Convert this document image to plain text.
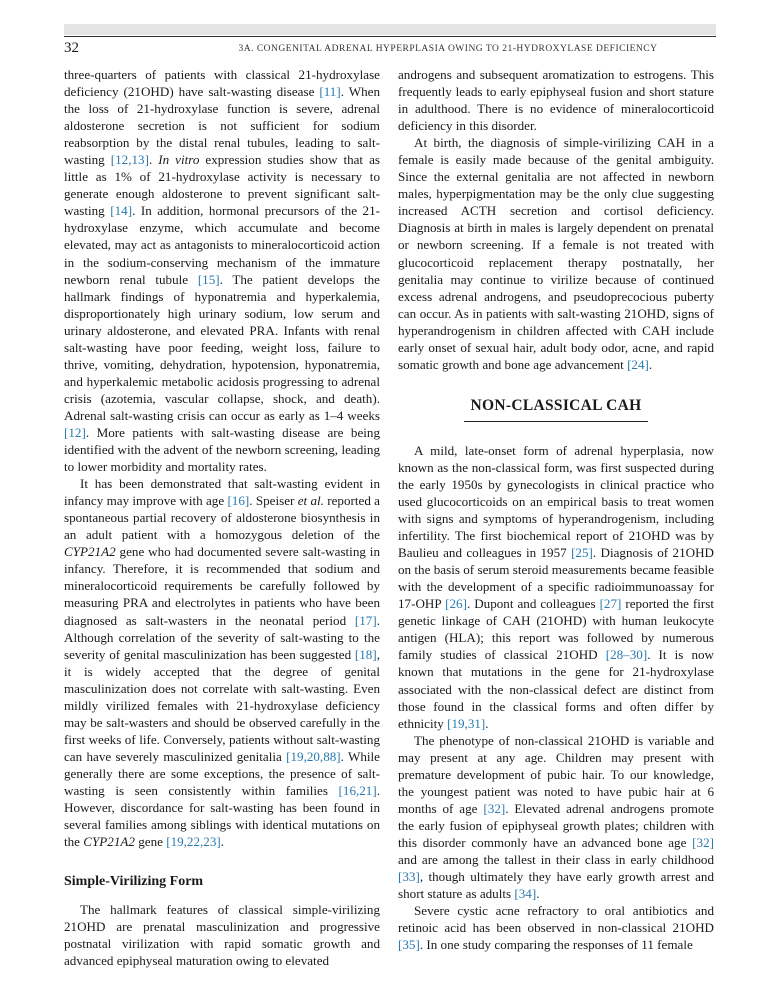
32	3A. CONGENITAL ADRENAL HYPERPLASIA OWING TO 21-HYDROXYLASE DEFICIENCY

three-quarters of patients with classical 21-hydroxylase deficiency (21OHD) have salt-wasting disease [11]. When the loss of 21-hydroxylase function is severe, adrenal aldosterone secretion is not sufficient for sodium reabsorption by the distal renal tubules, leading to salt-wasting [12,13]. In vitro expression studies show that as little as 1% of 21-hydroxylase activity is necessary to generate enough aldosterone to prevent significant salt-wasting [14]. In addition, hormonal precursors of the 21-hydroxylase enzyme, which accumulate and become elevated, may act as antagonists to mineralocorticoid action in the sodium-conserving mechanism of the immature newborn renal tubule [15]. The patient develops the hallmark findings of hyponatremia and hyperkalemia, disproportionately high urinary sodium, low serum and urinary aldosterone, and elevated PRA. Infants with renal salt-wasting have poor feeding, weight loss, failure to thrive, vomiting, dehydration, hypotension, hyponatremia, and hyperkalemic metabolic acidosis progressing to adrenal crisis (azotemia, vascular collapse, shock, and death). Adrenal salt-wasting crisis can occur as early as 1–4 weeks [12]. More patients with salt-wasting disease are being identified with the advent of the newborn screening, leading to lower morbidity and mortality rates.

It has been demonstrated that salt-wasting evident in infancy may improve with age [16]. Speiser et al. reported a spontaneous partial recovery of aldosterone biosynthesis in an adult patient with a homozygous deletion of the CYP21A2 gene who had documented severe salt-wasting in infancy. Therefore, it is recommended that sodium and mineralocorticoid requirements be carefully followed by measuring PRA and electrolytes in patients who have been diagnosed as salt-wasters in the neonatal period [17]. Although correlation of the severity of salt-wasting to the severity of genital masculinization has been suggested [18], it is widely accepted that the degree of genital masculinization does not correlate with salt-wasting. Even mildly virilized females with 21-hydroxylase deficiency may be salt-wasters and should be observed carefully in the first weeks of life. Conversely, patients without salt-wasting can have severely masculinized genitalia [19,20,88]. While generally there are some exceptions, the presence of salt-wasting is seen consistently within families [16,21]. However, discordance for salt-wasting has been found in several families among siblings with identical mutations on the CYP21A2 gene [19,22,23].

Simple-Virilizing Form

The hallmark features of classical simple-virilizing 21OHD are prenatal masculinization and progressive postnatal virilization with rapid somatic growth and advanced epiphyseal maturation owing to elevated

androgens and subsequent aromatization to estrogens. This frequently leads to early epiphyseal fusion and short stature in adulthood. There is no evidence of mineralocorticoid deficiency in this disorder.

At birth, the diagnosis of simple-virilizing CAH in a female is easily made because of the genital ambiguity. Since the external genitalia are not affected in newborn males, hyperpigmentation may be the only clue suggesting increased ACTH secretion and cortisol deficiency. Diagnosis at birth in males is largely dependent on prenatal or newborn screening. If a female is not treated with glucocorticoid replacement therapy postnatally, her genitalia may continue to virilize because of continued excess adrenal androgens, and pseudoprecocious puberty can occur. As in patients with salt-wasting 21OHD, signs of hyperandrogenism in children affected with CAH include early onset of sexual hair, adult body odor, acne, and rapid somatic growth and bone age advancement [24].

NON-CLASSICAL CAH

A mild, late-onset form of adrenal hyperplasia, now known as the non-classical form, was first suspected during the early 1950s by gynecologists in clinical practice who used glucocorticoids on an empirical basis to treat women with signs and symptoms of hyperandrogenism, including infertility. The first biochemical report of 21OHD was by Baulieu and colleagues in 1957 [25]. Diagnosis of 21OHD on the basis of serum steroid measurements became feasible with the development of a specific radioimmunoassay for 17-OHP [26]. Dupont and colleagues [27] reported the first genetic linkage of CAH (21OHD) with human leukocyte antigen (HLA); this report was followed by numerous family studies of classical 21OHD [28–30]. It is now known that mutations in the gene for 21-hydroxylase associated with the non-classical defect are distinct from those found in the classical forms and often differ by ethnicity [19,31].

The phenotype of non-classical 21OHD is variable and may present at any age. Children may present with premature development of pubic hair. To our knowledge, the youngest patient was noted to have pubic hair at 6 months of age [32]. Elevated adrenal androgens promote the early fusion of epiphyseal growth plates; children with this disorder commonly have an advanced bone age [32] and are among the tallest in their class in early childhood [33], though ultimately they have early growth arrest and short stature as adults [34].

Severe cystic acne refractory to oral antibiotics and retinoic acid has been observed in non-classical 21OHD [35]. In one study comparing the responses of 11 female
